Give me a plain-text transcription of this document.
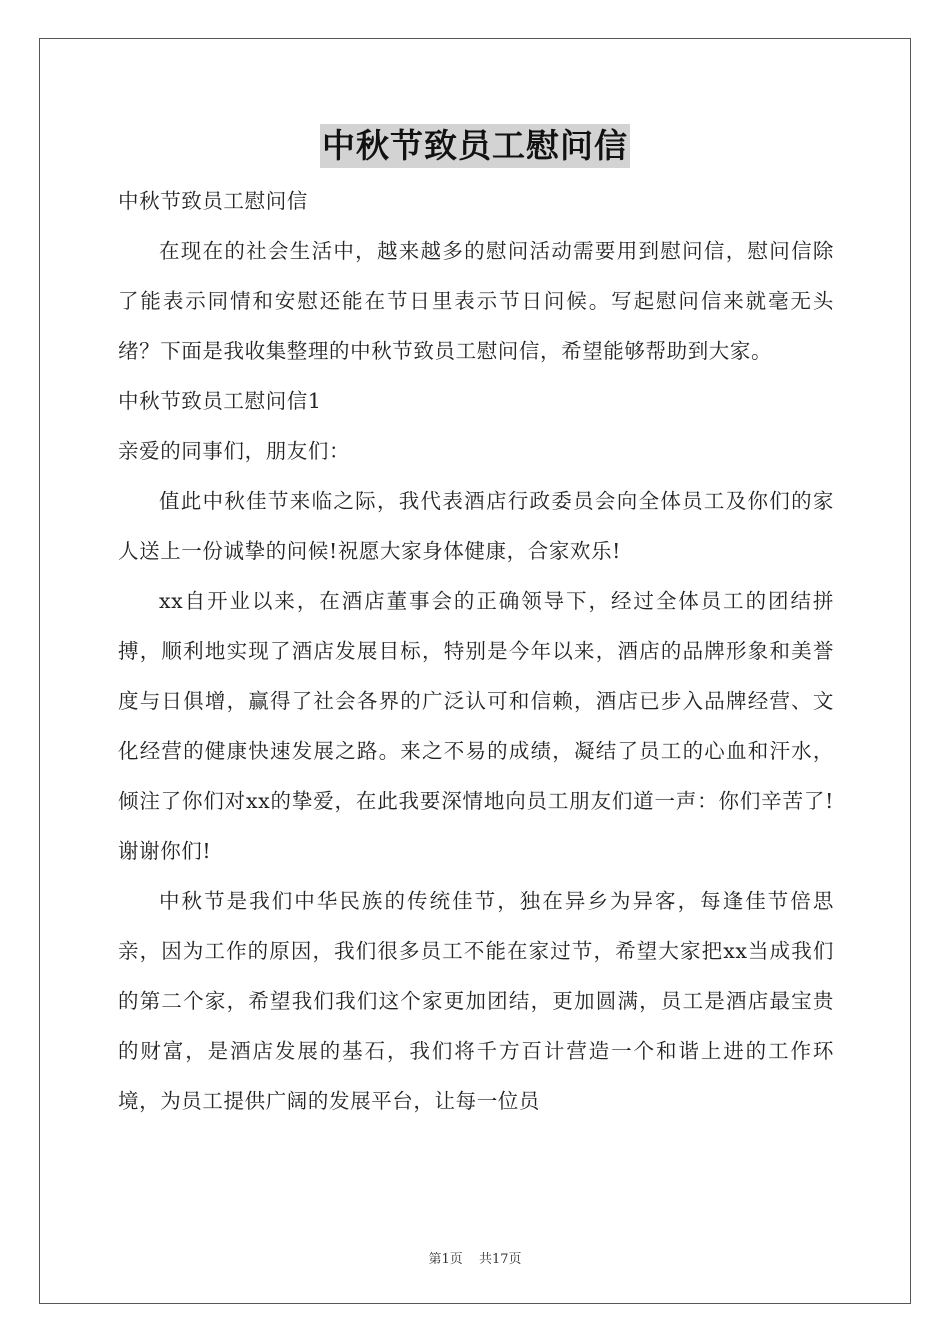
中秋节致员工慰问信

中秋节致员工慰问信

在现在的社会生活中，越来越多的慰问活动需要用到慰问信，慰问信除了能表示同情和安慰还能在节日里表示节日问候。写起慰问信来就毫无头绪？下面是我收集整理的中秋节致员工慰问信，希望能够帮助到大家。

中秋节致员工慰问信1

亲爱的同事们，朋友们：

值此中秋佳节来临之际，我代表酒店行政委员会向全体员工及你们的家人送上一份诚挚的问候!祝愿大家身体健康，合家欢乐!

xx自开业以来，在酒店董事会的正确领导下，经过全体员工的团结拼搏，顺利地实现了酒店发展目标，特别是今年以来，酒店的品牌形象和美誉度与日俱增，赢得了社会各界的广泛认可和信赖，酒店已步入品牌经营、文化经营的健康快速发展之路。来之不易的成绩，凝结了员工的心血和汗水，倾注了你们对xx的挚爱，在此我要深情地向员工朋友们道一声：你们辛苦了!谢谢你们!

中秋节是我们中华民族的传统佳节，独在异乡为异客，每逢佳节倍思亲，因为工作的原因，我们很多员工不能在家过节，希望大家把xx当成我们的第二个家，希望我们我们这个家更加团结，更加圆满，员工是酒店最宝贵的财富，是酒店发展的基石，我们将千方百计营造一个和谐上进的工作环境，为员工提供广阔的发展平台，让每一位员

第1页 共17页
